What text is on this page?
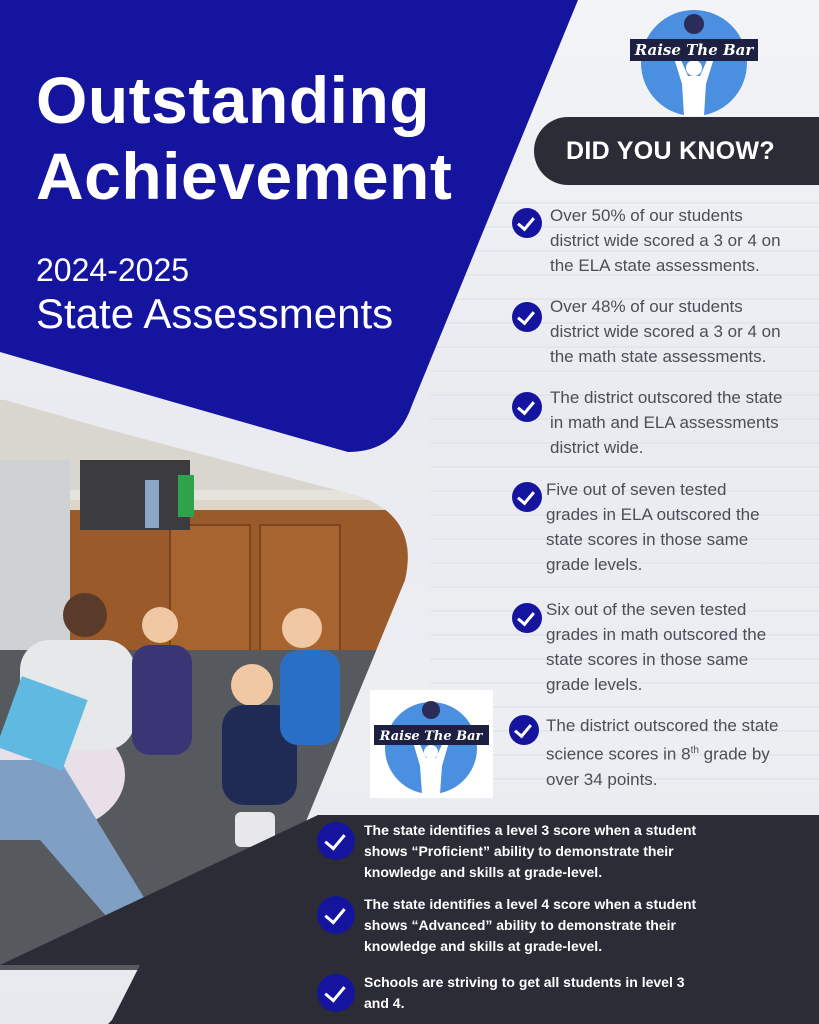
Outstanding
Achievement
2024-2025
State Assessments
Raise The Bar
DID YOU KNOW?
Over 50% of our students
district wide scored a 3 or 4 on
the ELA state assessments.
Over 48% of our students
district wide scored a 3 or 4 on
the math state assessments.
The district outscored the state
in math and ELA assessments
district wide.
Five out of seven tested
grades in ELA outscored the
state scores in those same
grade levels.
Six out of the seven tested
grades in math outscored the
state scores in those same
grade levels.
The district outscored the state
science scores in 8th grade by
over 34 points.
Raise The Bar
The state identifies a level 3 score when a student
shows “Proficient” ability to demonstrate their
knowledge and skills at grade-level.
The state identifies a level 4 score when a student
shows “Advanced” ability to demonstrate their
knowledge and skills at grade-level.
Schools are striving to get all students in level 3
and 4.
